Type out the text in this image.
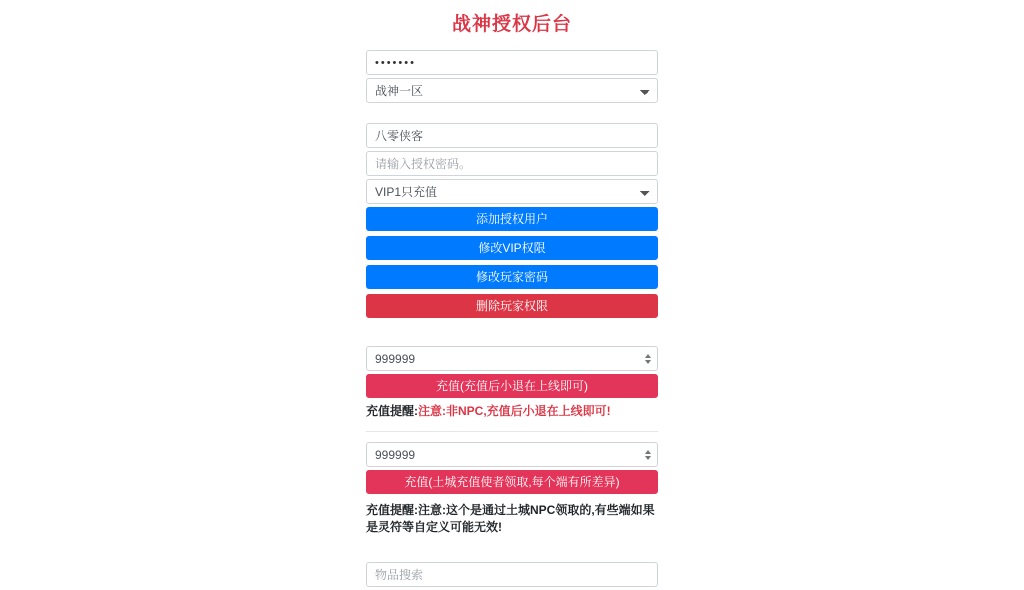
战神授权后台
•••••••
战神一区
八零侠客
请输入授权密码。
VIP1只充值
添加授权用户
修改VIP权限
修改玩家密码
删除玩家权限
999999
充值(充值后小退在上线即可)

充值提醒:注意:非NPC,充值后小退在上线即可!

999999
充值(土城充值使者领取,每个端有所差异)

充值提醒:注意:这个是通过土城NPC领取的,有些端如果是灵符等自定义可能无效!

物品搜索
